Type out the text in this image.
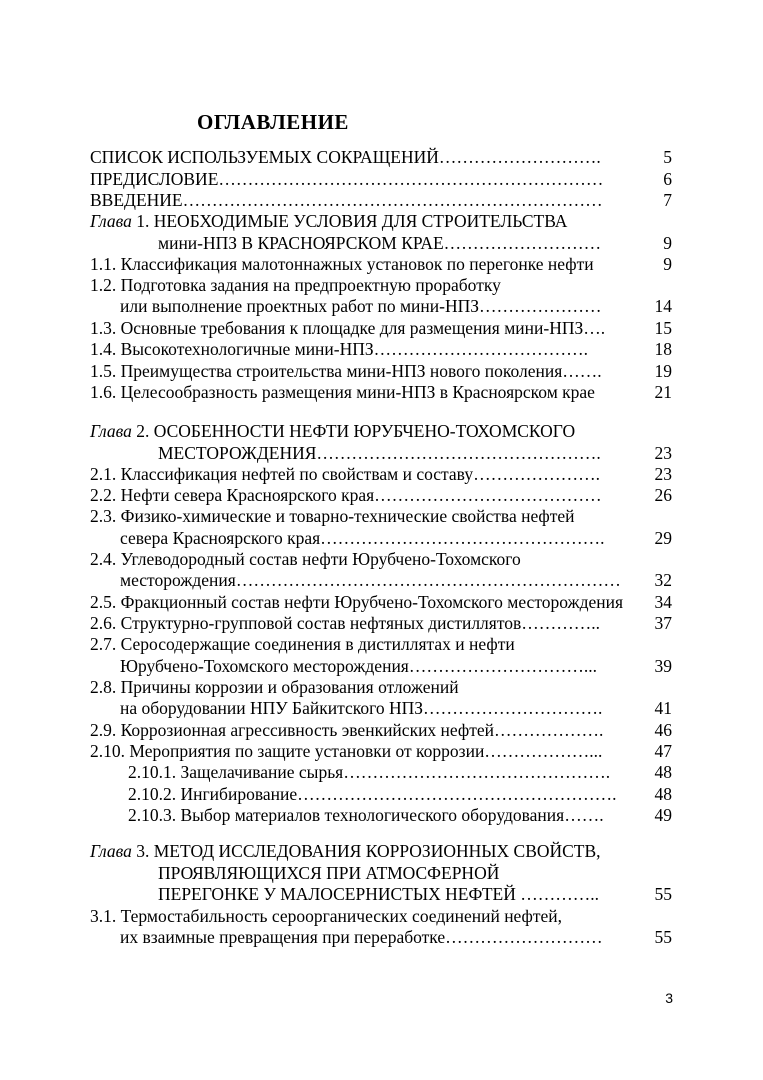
ОГЛАВЛЕНИЕ
СПИСОК ИСПОЛЬЗУЕМЫХ СОКРАЩЕНИЙ……………………….	5
ПРЕДИСЛОВИЕ…………………………………………………………	6
ВВЕДЕНИЕ………………………………………………………………	7
Глава 1. НЕОБХОДИМЫЕ УСЛОВИЯ ДЛЯ СТРОИТЕЛЬСТВА
мини-НПЗ В КРАСНОЯРСКОМ КРАЕ………………………	9
1.1. Классификация малотоннажных установок по перегонке нефти	9
1.2. Подготовка задания на предпроектную проработку
или выполнение проектных работ по мини-НПЗ…………………	14
1.3. Основные требования к площадке для размещения мини-НПЗ….	15
1.4. Высокотехнологичные мини-НПЗ……………………………….	18
1.5. Преимущества строительства мини-НПЗ нового поколения…….	19
1.6. Целесообразность размещения мини-НПЗ в Красноярском крае	21
Глава 2. ОСОБЕННОСТИ НЕФТИ ЮРУБЧЕНО-ТОХОМСКОГО
МЕСТОРОЖДЕНИЯ………………………………………….	23
2.1. Классификация нефтей по свойствам и составу………………….	23
2.2. Нефти севера Красноярского края…………………………………	26
2.3. Физико-химические и товарно-технические свойства нефтей
севера Красноярского края………………………………………….	29
2.4. Углеводородный состав нефти Юрубчено-Тохомского
месторождения………………………………………………………… 32
2.5. Фракционный состав нефти Юрубчено-Тохомского месторождения 34
2.6. Структурно-групповой состав нефтяных дистиллятов…………..	37
2.7. Серосодержащие соединения в дистиллятах и нефти
Юрубчено-Тохомского месторождения…………………………...	39
2.8. Причины коррозии и образования отложений
на оборудовании НПУ Байкитского НПЗ………………………….	41
2.9. Коррозионная агрессивность эвенкийских нефтей……………….	46
2.10. Мероприятия по защите установки от коррозии………………...	47
2.10.1. Защелачивание сырья……………………………………….	48
2.10.2. Ингибирование………………………………………………. 48
2.10.3. Выбор материалов технологического оборудования…….	49
Глава 3. МЕТОД ИССЛЕДОВАНИЯ КОРРОЗИОННЫХ СВОЙСТВ,
ПРОЯВЛЯЮЩИХСЯ ПРИ АТМОСФЕРНОЙ
ПЕРЕГОНКЕ У МАЛОСЕРНИСТЫХ НЕФТЕЙ …………..	55
3.1. Термостабильность сероорганических соединений нефтей,
их взаимные превращения при переработке………………………	55
3
